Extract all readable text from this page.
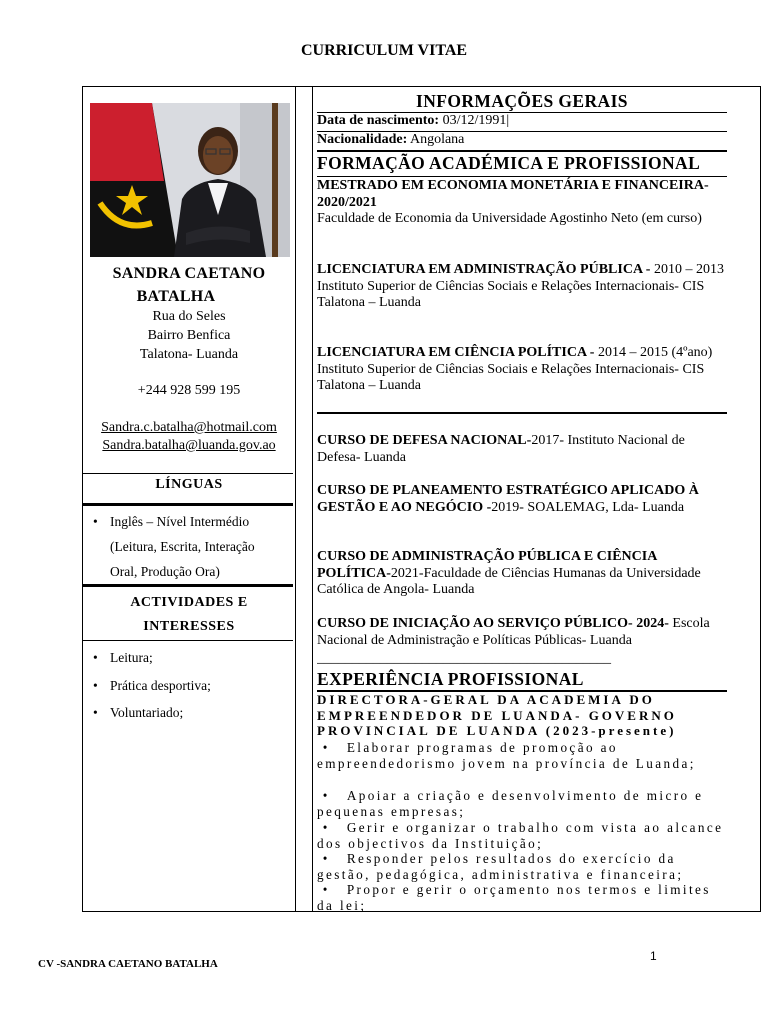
CURRICULUM VITAE
SANDRA CAETANO
BATALHA
Rua do Seles
Bairro Benfica
Talatona- Luanda
+244 928 599 195
Sandra.c.batalha@hotmail.com
Sandra.batalha@luanda.gov.ao
LÍNGUAS
• Inglês – Nível Intermédio
(Leitura, Escrita, Interação
Oral, Produção Ora)
ACTIVIDADES E
INTERESSES
• Leitura;
• Prática desportiva;
• Voluntariado;
INFORMAÇÕES GERAIS
Data de nascimento: 03/12/1991|
Nacionalidade: Angolana
FORMAÇÃO ACADÉMICA E PROFISSIONAL
MESTRADO EM ECONOMIA MONETÁRIA E FINANCEIRA-2020/2021
Faculdade de Economia da Universidade Agostinho Neto (em curso)
LICENCIATURA EM ADMINISTRAÇÃO PÚBLICA - 2010 – 2013
Instituto Superior de Ciências Sociais e Relações Internacionais- CIS Talatona – Luanda
LICENCIATURA EM CIÊNCIA POLÍTICA - 2014 – 2015 (4ºano)
Instituto Superior de Ciências Sociais e Relações Internacionais- CIS Talatona – Luanda
CURSO DE DEFESA NACIONAL-2017- Instituto Nacional de Defesa- Luanda
CURSO DE PLANEAMENTO ESTRATÉGICO APLICADO À GESTÃO E AO NEGÓCIO -2019- SOALEMAG, Lda- Luanda
CURSO DE ADMINISTRAÇÃO PÚBLICA E CIÊNCIA POLÍTICA-2021-Faculdade de Ciências Humanas da Universidade Católica de Angola- Luanda
CURSO DE INICIAÇÃO AO SERVIÇO PÚBLICO- 2024- Escola Nacional de Administração e Políticas Públicas- Luanda
__________________________________________
EXPERIÊNCIA PROFISSIONAL
DIRECTORA-GERAL DA ACADEMIA DO EMPREENDEDOR DE LUANDA- GOVERNO PROVINCIAL DE LUANDA (2023-presente)
•   Elaborar programas de promoção ao empreendedorismo jovem na província de Luanda;
•   Apoiar a criação e desenvolvimento de micro e pequenas empresas;
•   Gerir e organizar o trabalho com vista ao alcance dos objectivos da Instituição;
•   Responder pelos resultados do exercício da gestão, pedagógica, administrativa e financeira;
•   Propor e gerir o orçamento nos termos e limites da lei;
CV -SANDRA CAETANO BATALHA
1
